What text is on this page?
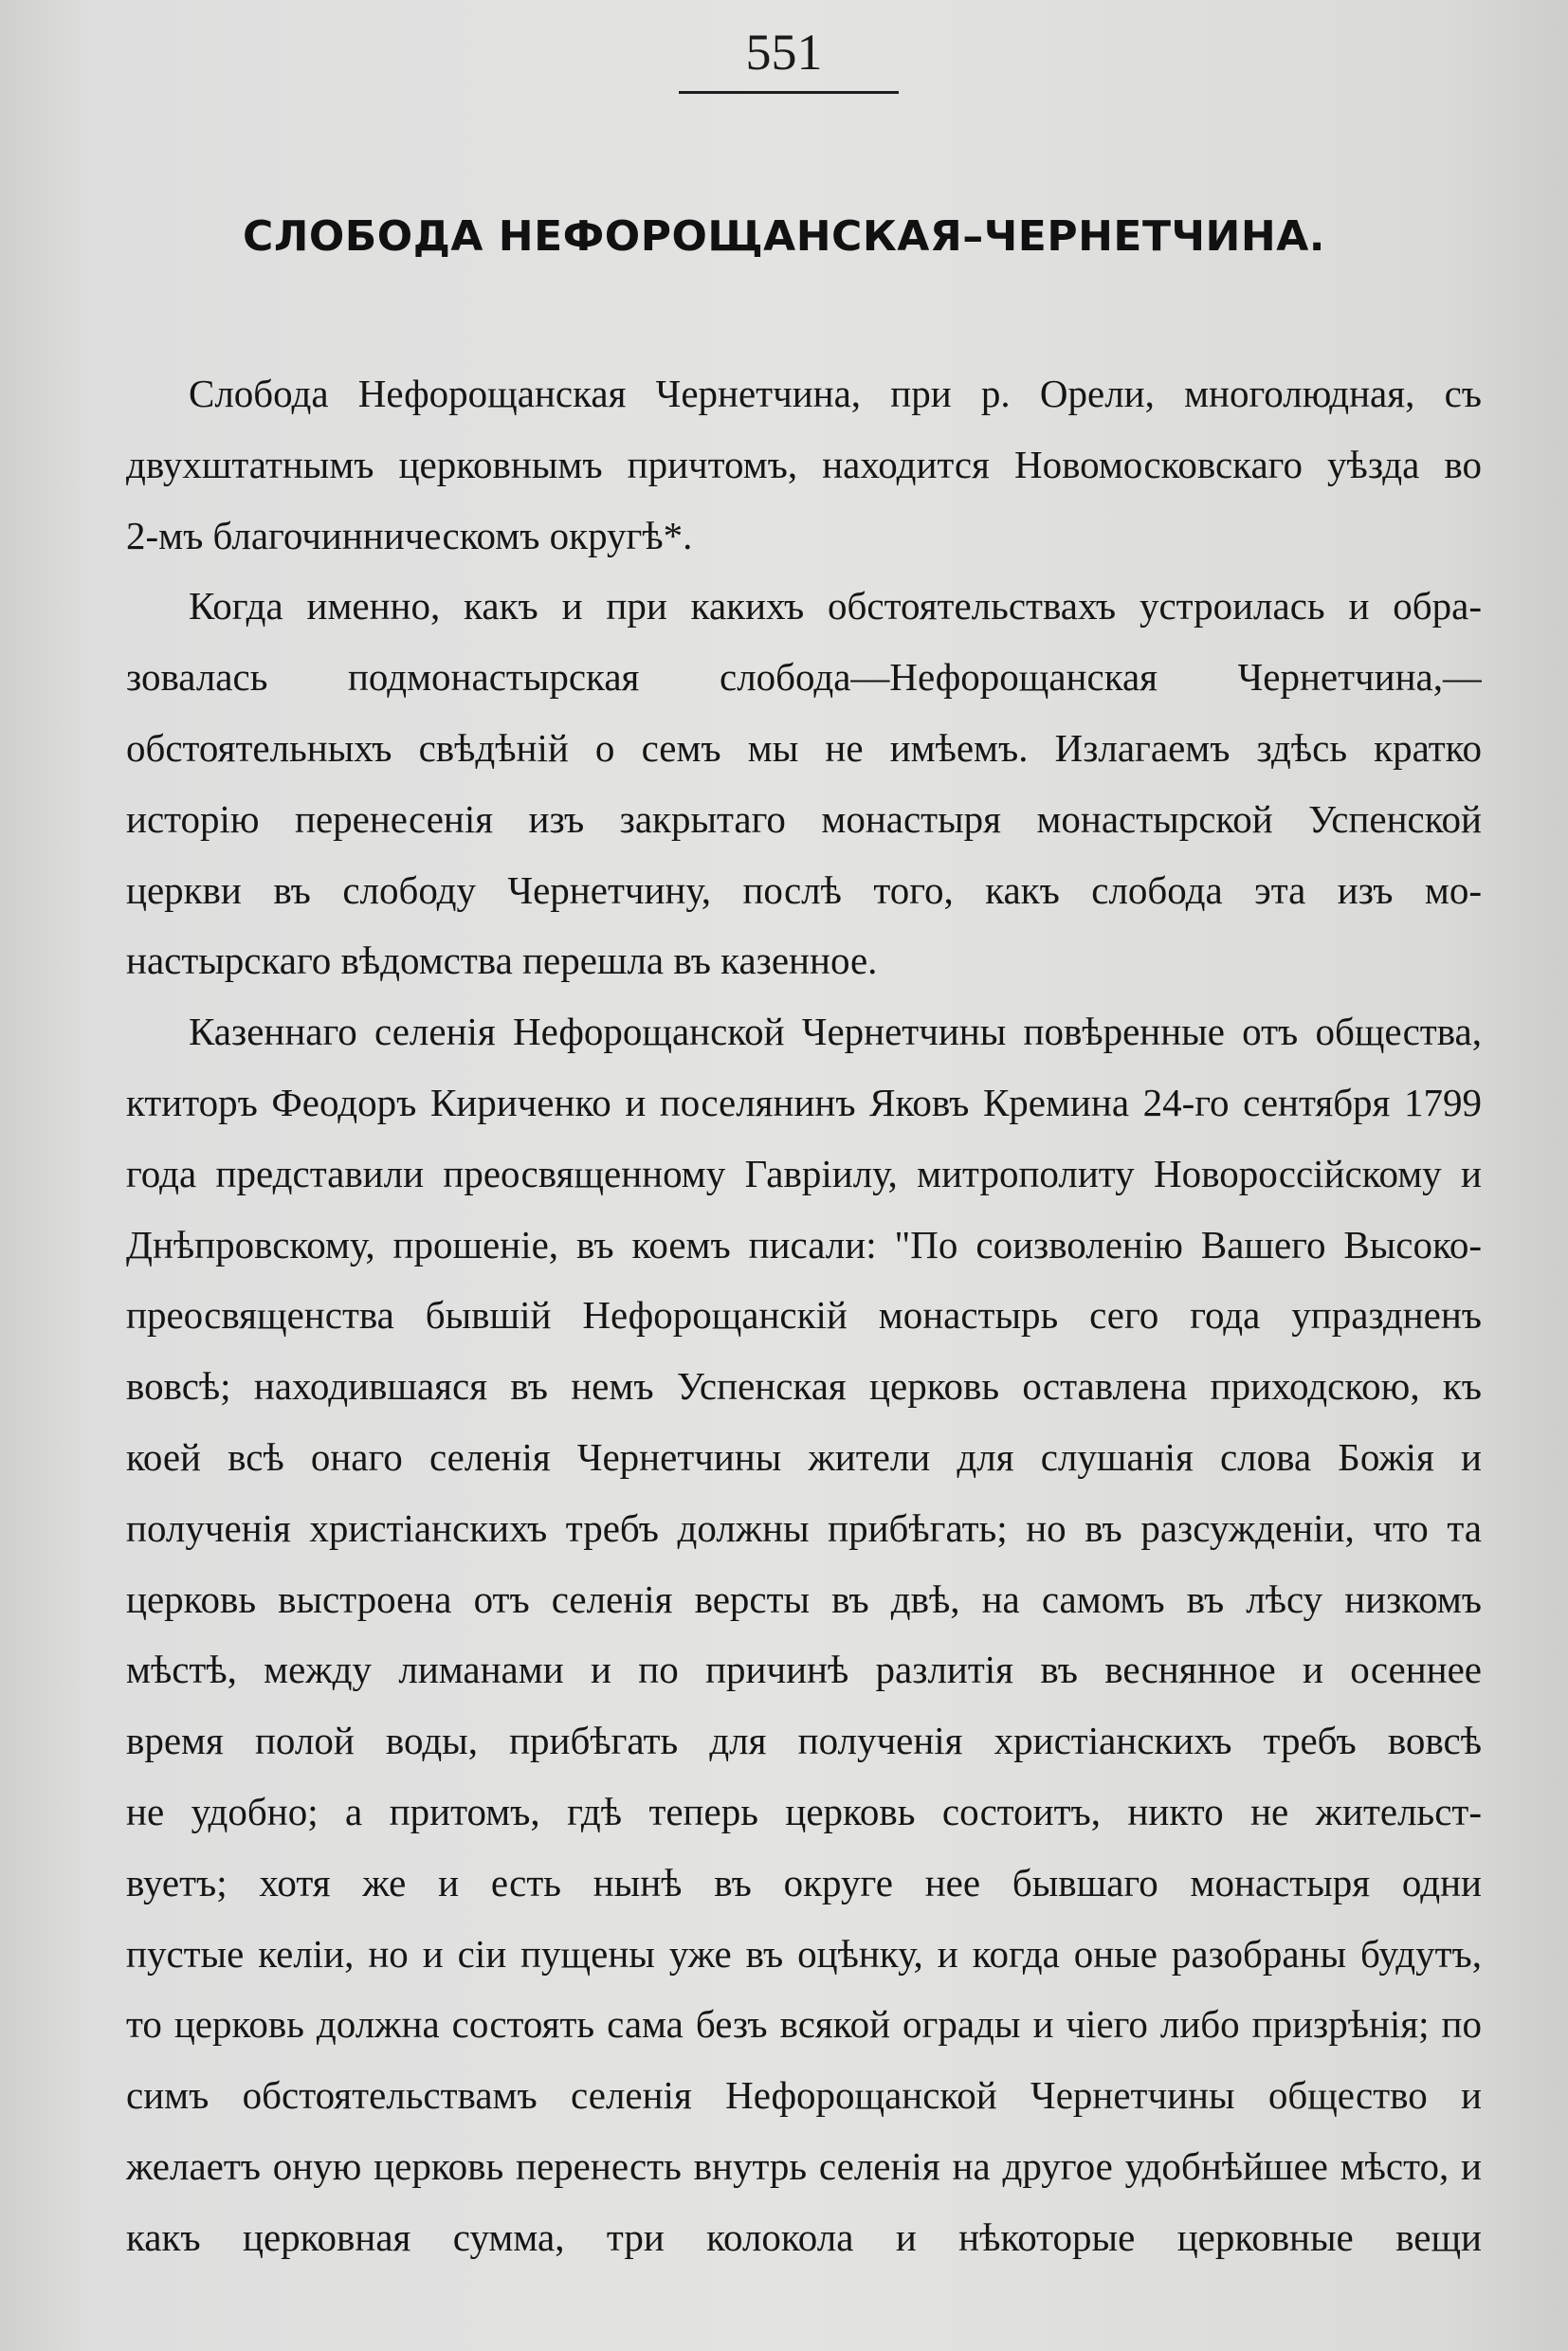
551
СЛОБОДА НЕФОРОЩАНСКАЯ–ЧЕРНЕТЧИНА.
Слобода Нефорощанская Чернетчина, при р. Орели, многолюдная, съ
двухштатнымъ церковнымъ причтомъ, находится Новомосковскаго уѣзда во
2-мъ благочинническомъ округѣ*.
Когда именно, какъ и при какихъ обстоятельствахъ устроилась и обра-
зовалась подмонастырская слобода—Нефорощанская Чернетчина,—
обстоятельныхъ свѣдѣній о семъ мы не имѣемъ. Излагаемъ здѣсь кратко
исторію перенесенія изъ закрытаго монастыря монастырской Успенской
церкви въ слободу Чернетчину, послѣ того, какъ слобода эта изъ мо-
настырскаго вѣдомства перешла въ казенное.
Казеннаго селенія Нефорощанской Чернетчины повѣренные отъ общества,
ктиторъ Феодоръ Кириченко и поселянинъ Яковъ Кремина 24-го сентября 1799
года представили преосвященному Гавріилу, митрополиту Новороссійскому и
Днѣпровскому, прошеніе, въ коемъ писали: "По соизволенію Вашего Высоко-
преосвященства бывшій Нефорощанскій монастырь сего года упраздненъ
вовсѣ; находившаяся въ немъ Успенская церковь оставлена приходскою, къ
коей всѣ онаго селенія Чернетчины жители для слушанія слова Божія и
полученія христіанскихъ требъ должны прибѣгать; но въ разсужденіи, что та
церковь выстроена отъ селенія версты въ двѣ, на самомъ въ лѣсу низкомъ
мѣстѣ, между лиманами и по причинѣ разлитія въ веснянное и осеннее
время полой воды, прибѣгать для полученія христіанскихъ требъ вовсѣ
не удобно; а притомъ, гдѣ теперь церковь состоитъ, никто не жительст-
вуетъ; хотя же и есть нынѣ въ округе нее бывшаго монастыря одни
пустые келіи, но и сіи пущены уже въ оцѣнку, и когда оные разобраны будутъ,
то церковь должна состоять сама безъ всякой ограды и чіего либо призрѣнія; по
симъ обстоятельствамъ селенія Нефорощанской Чернетчины общество и
желаетъ оную церковь перенесть внутрь селенія на другое удобнѣйшее мѣсто, и
какъ церковная сумма, три колокола и нѣкоторые церковные вещи
